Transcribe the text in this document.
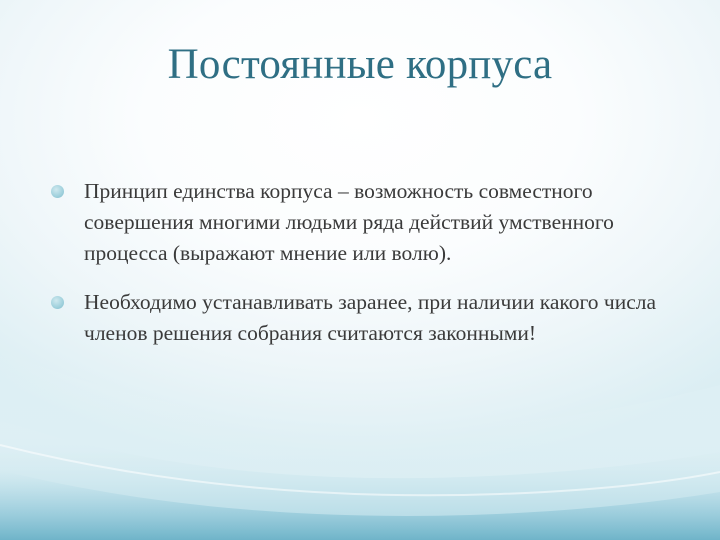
Постоянные корпуса
Принцип единства корпуса – возможность совместного совершения многими людьми ряда действий умственного процесса (выражают мнение или волю).
Необходимо устанавливать заранее, при наличии какого числа членов решения собрания считаются законными!
